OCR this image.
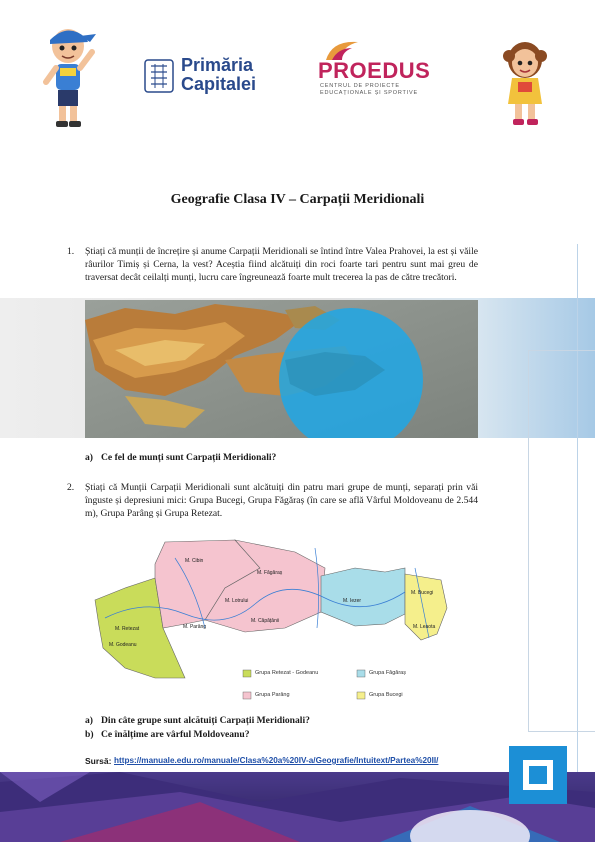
Primăria
Capitalei
PROEDUS
CENTRUL DE PROIECTE
EDUCAȚIONALE ȘI SPORTIVE
Geografie Clasa IV – Carpații Meridionali
1. Știați că munții de încrețire și anume Carpații Meridionali se întind între Valea Prahovei, la est și văile râurilor Timiș și Cerna, la vest? Aceștia fiind alcătuiți din roci foarte tari pentru sunt mai greu de traversat decât ceilalți munți, lucru care îngreunează foarte mult trecerea la pas de către trecători.
a) Ce fel de munți sunt Carpații Meridionali?
2. Știați că Munții Carpații Meridionali sunt alcătuiți din patru mari grupe de munți, separați prin văi înguste și depresiuni mici: Grupa Bucegi, Grupa Făgăraș (în care se află Vârful Moldoveanu de 2.544 m), Grupa Parâng și Grupa Retezat.
M. Făgăraș
M. Cibin
M. Lotrului
M. Parâng
M. Retezat
M. Godeanu
M. Căpățânii
M. Iezer
M. Bucegi
M. Leaota
Grupa Retezat - Godeanu
Grupa Parâng
Grupa Făgăraș
Grupa Bucegi
a) Din câte grupe sunt alcătuiți Carpații Meridionali?
b) Ce înălțime are vârful Moldoveanu?
Sursă: https://manuale.edu.ro/manuale/Clasa%20a%20IV-a/Geografie/Intuitext/Partea%20II/
